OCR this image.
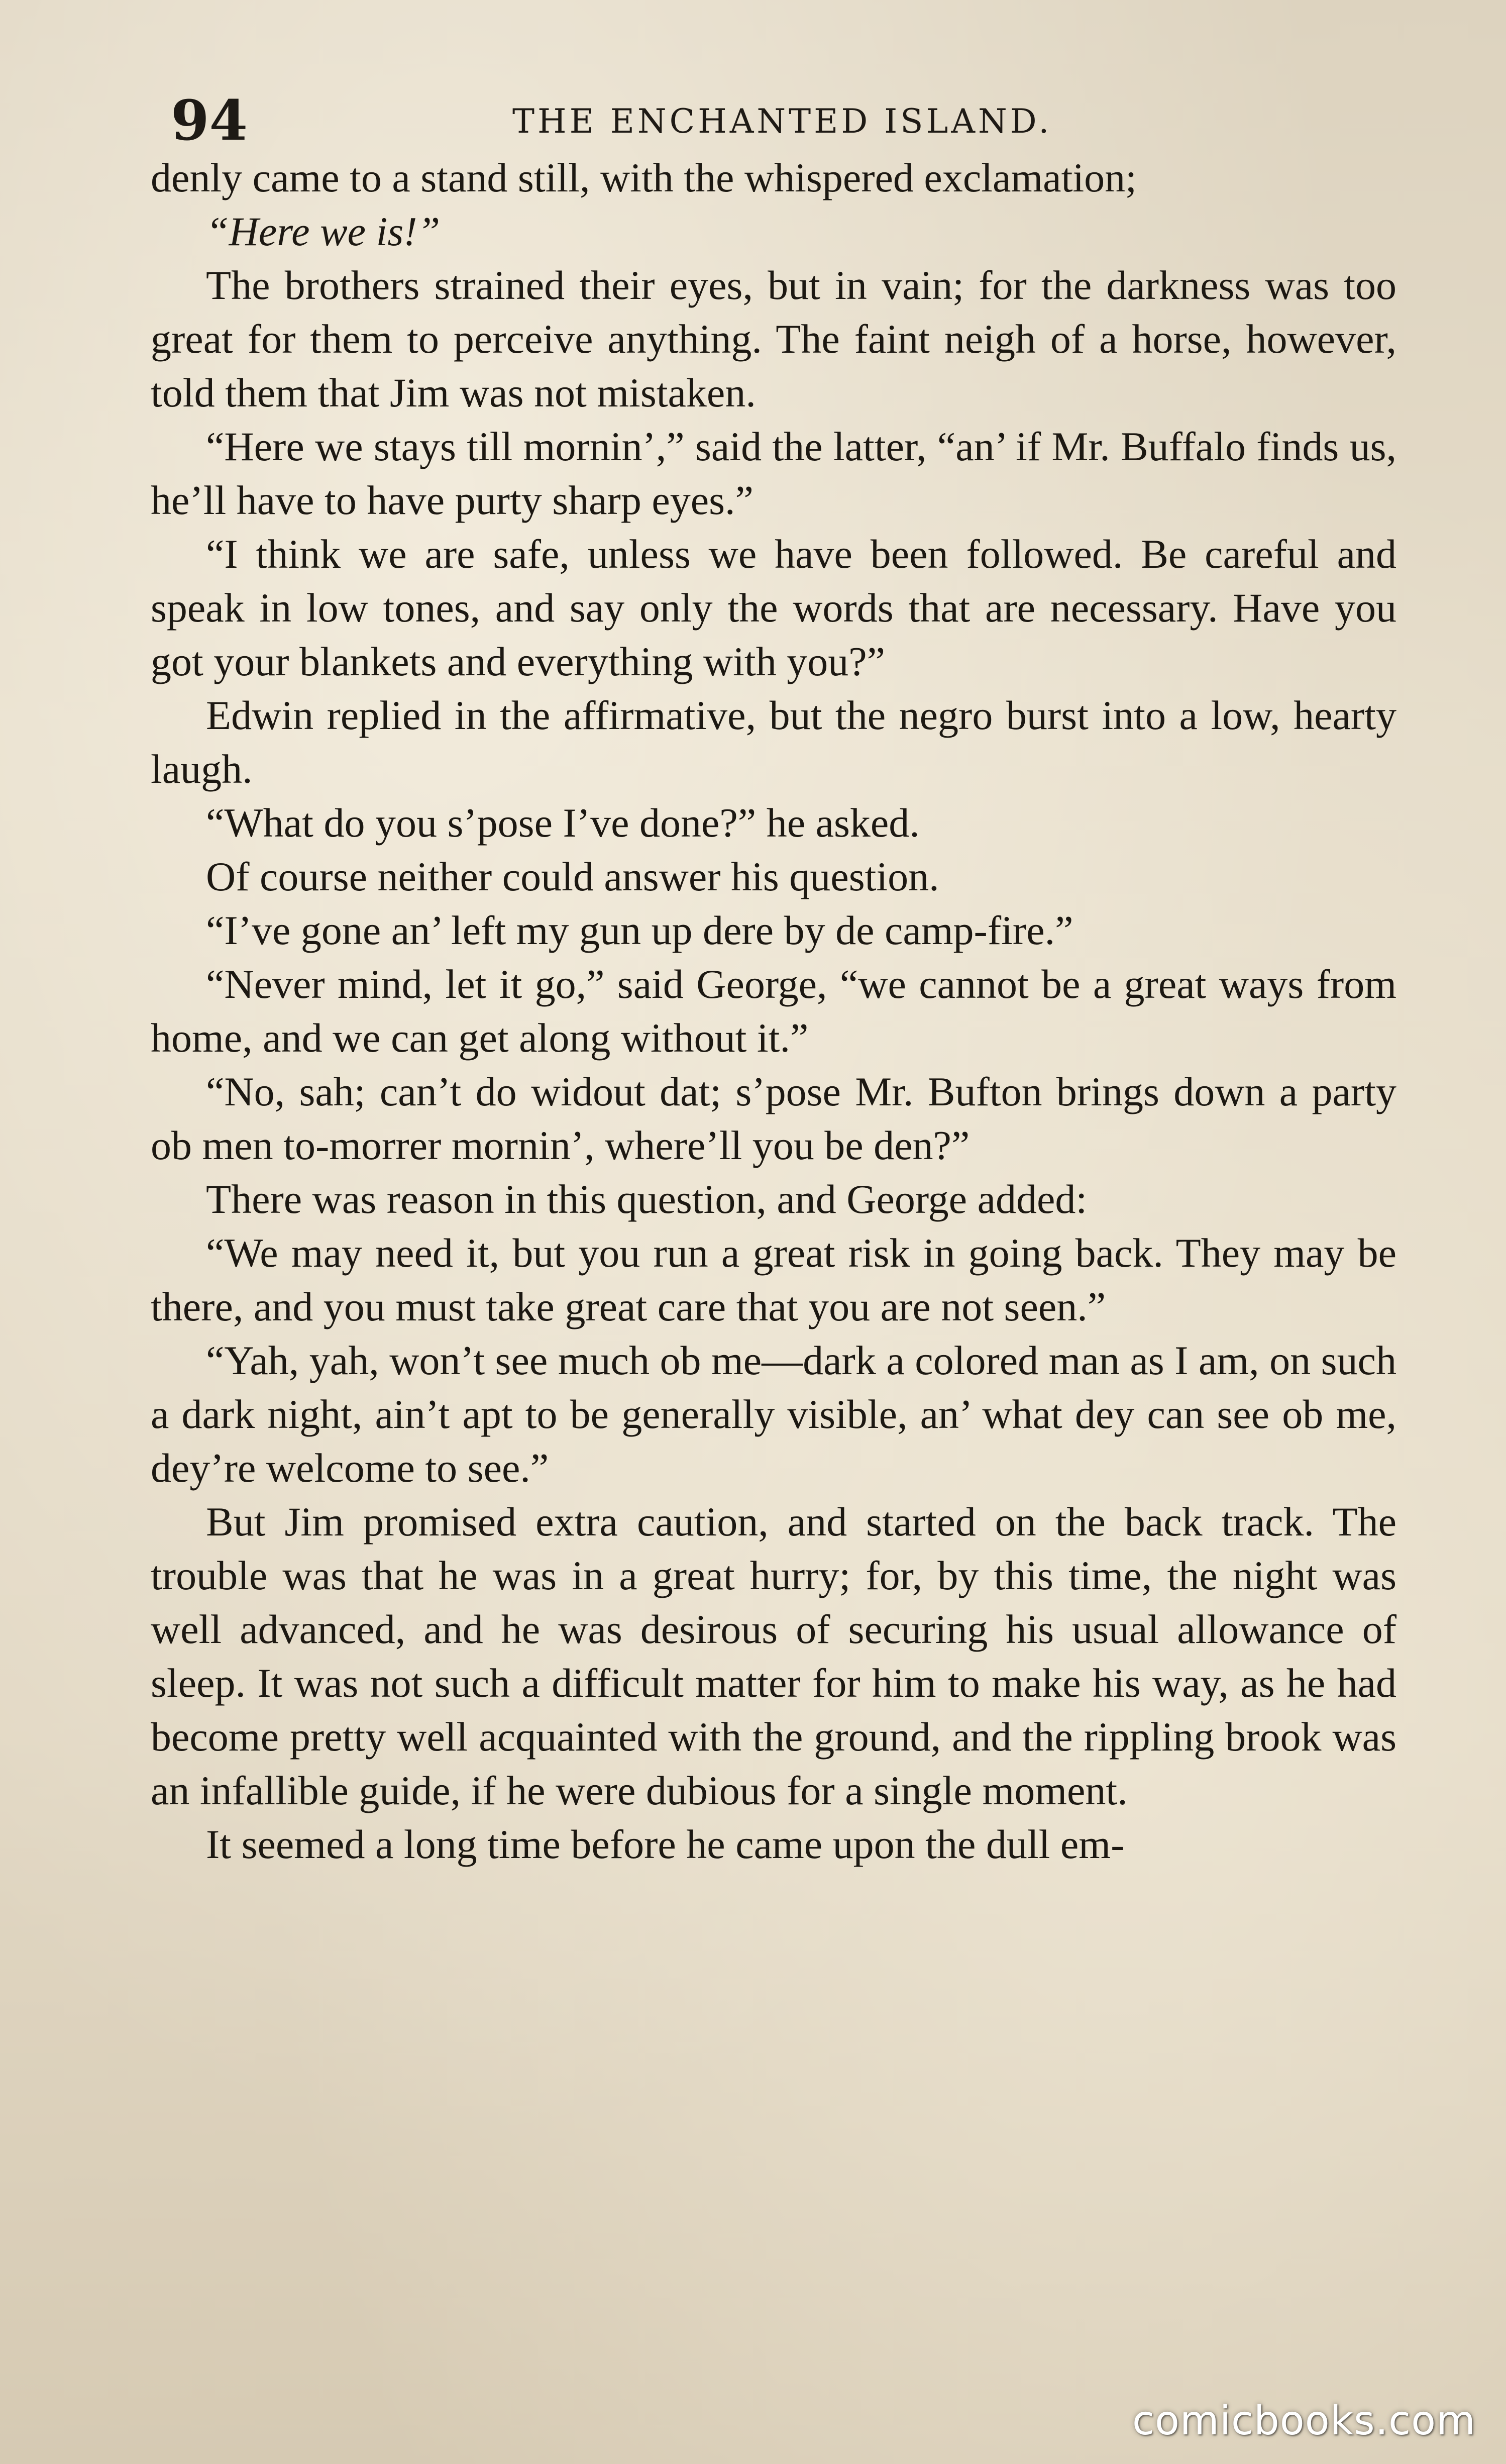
94	THE ENCHANTED ISLAND.

denly came to a stand still, with the whispered exclamation;

“Here we is!”

The brothers strained their eyes, but in vain; for the darkness was too great for them to perceive anything. The faint neigh of a horse, however, told them that Jim was not mistaken.

“Here we stays till mornin’,” said the latter, “an’ if Mr. Buffalo finds us, he’ll have to have purty sharp eyes.”

“I think we are safe, unless we have been followed. Be careful and speak in low tones, and say only the words that are necessary. Have you got your blankets and everything with you?”

Edwin replied in the affirmative, but the negro burst into a low, hearty laugh.

“What do you s’pose I’ve done?” he asked.

Of course neither could answer his question.

“I’ve gone an’ left my gun up dere by de camp-fire.”

“Never mind, let it go,” said George, “we cannot be a great ways from home, and we can get along without it.”

“No, sah; can’t do widout dat; s’pose Mr. Bufton brings down a party ob men to-morrer mornin’, where’ll you be den?”

There was reason in this question, and George added:

“We may need it, but you run a great risk in going back. They may be there, and you must take great care that you are not seen.”

“Yah, yah, won’t see much ob me—dark a colored man as I am, on such a dark night, ain’t apt to be generally visible, an’ what dey can see ob me, dey’re welcome to see.”

But Jim promised extra caution, and started on the back track. The trouble was that he was in a great hurry; for, by this time, the night was well advanced, and he was desirous of securing his usual allowance of sleep. It was not such a difficult matter for him to make his way, as he had become pretty well acquainted with the ground, and the rippling brook was an infallible guide, if he were dubious for a single moment.

It seemed a long time before he came upon the dull em-

comicbooks.com
